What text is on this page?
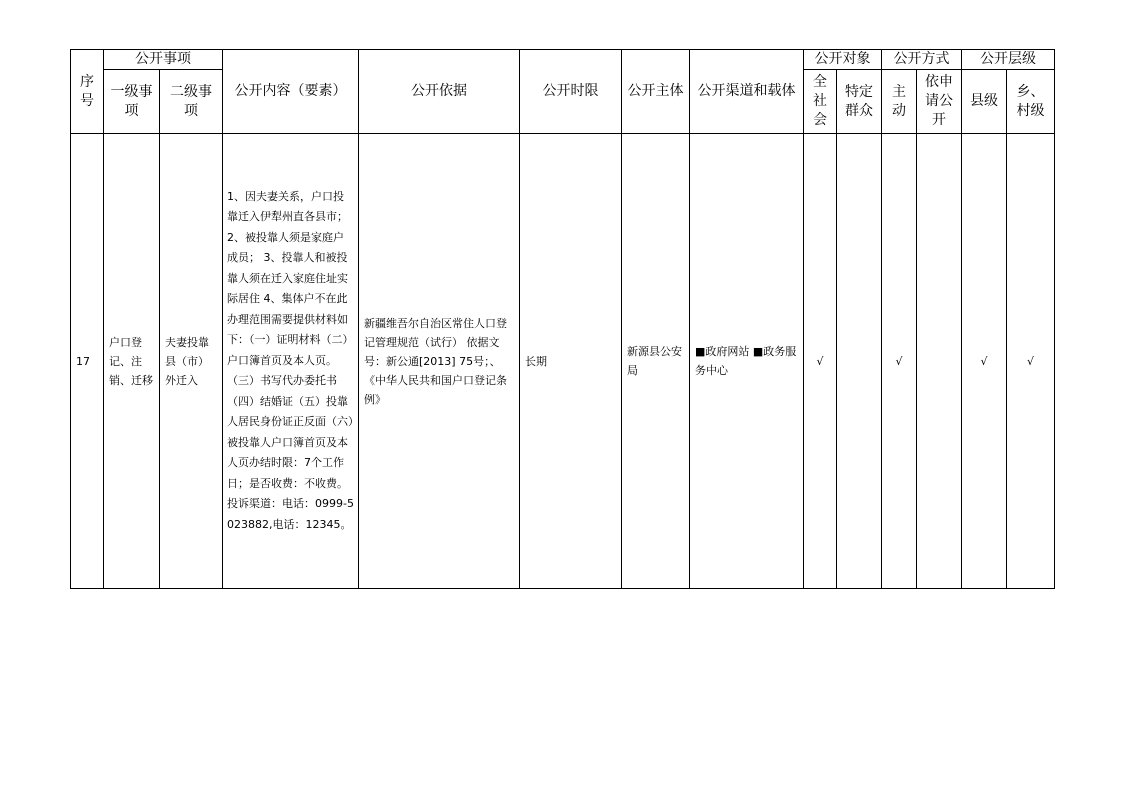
序号	公开事项		公开内容（要素）	公开依据	公开时限	公开主体	公开渠道和载体	公开对象		公开方式		公开层级	
	一级事项	二级事项						全社会	特定群众	主动	依申请公开	县级	乡、村级
17	户口登记、注销、迁移	夫妻投靠县（市）外迁入	1、因夫妻关系，户口投靠迁入伊犁州直各县市； 2、被投靠人须是家庭户成员； 3、投靠人和被投靠人须在迁入家庭住址实际居住 4、集体户不在此办理范围需要提供材料如下：（一）证明材料（二）户口簿首页及本人页。（三）书写代办委托书（四）结婚证（五）投靠人居民身份证正反面（六）被投靠人户口簿首页及本人页办结时限：7个工作日；是否收费：不收费。投诉渠道：电话：0999-5023882,电话：12345。	新疆维吾尔自治区常住人口登记管理规范（试行） 依据文号：新公通[2013] 75号；、《中华人民共和国户口登记条例》	长期	新源县公安局	■政府网站 ■政务服务中心	√		√		√	√
